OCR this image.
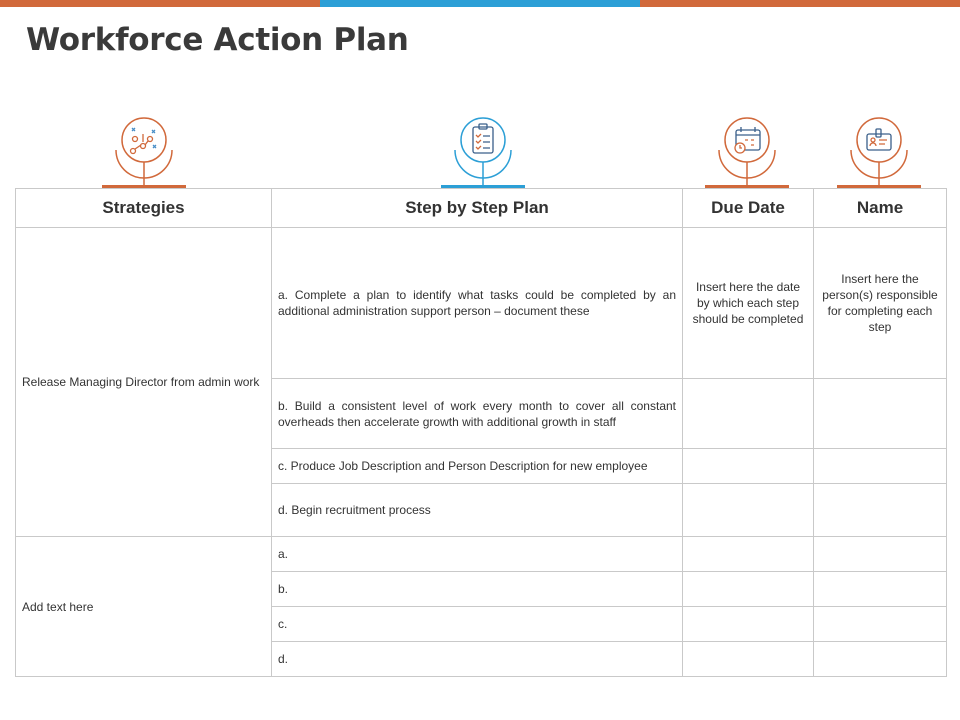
Workforce Action Plan
Strategies	Step by Step Plan	Due Date	Name
Release Managing Director from admin work	a. Complete a plan to identify what tasks could be completed by an additional administration support person – document these	Insert here the date by which each step should be completed	Insert here the person(s) responsible for completing each step
	b. Build a consistent level of work every month to cover all constant overheads then accelerate growth with additional growth in staff		
	c. Produce Job Description and Person Description for new employee		
	d. Begin recruitment process		
Add text here	a.		
	b.		
	c.		
	d.		
